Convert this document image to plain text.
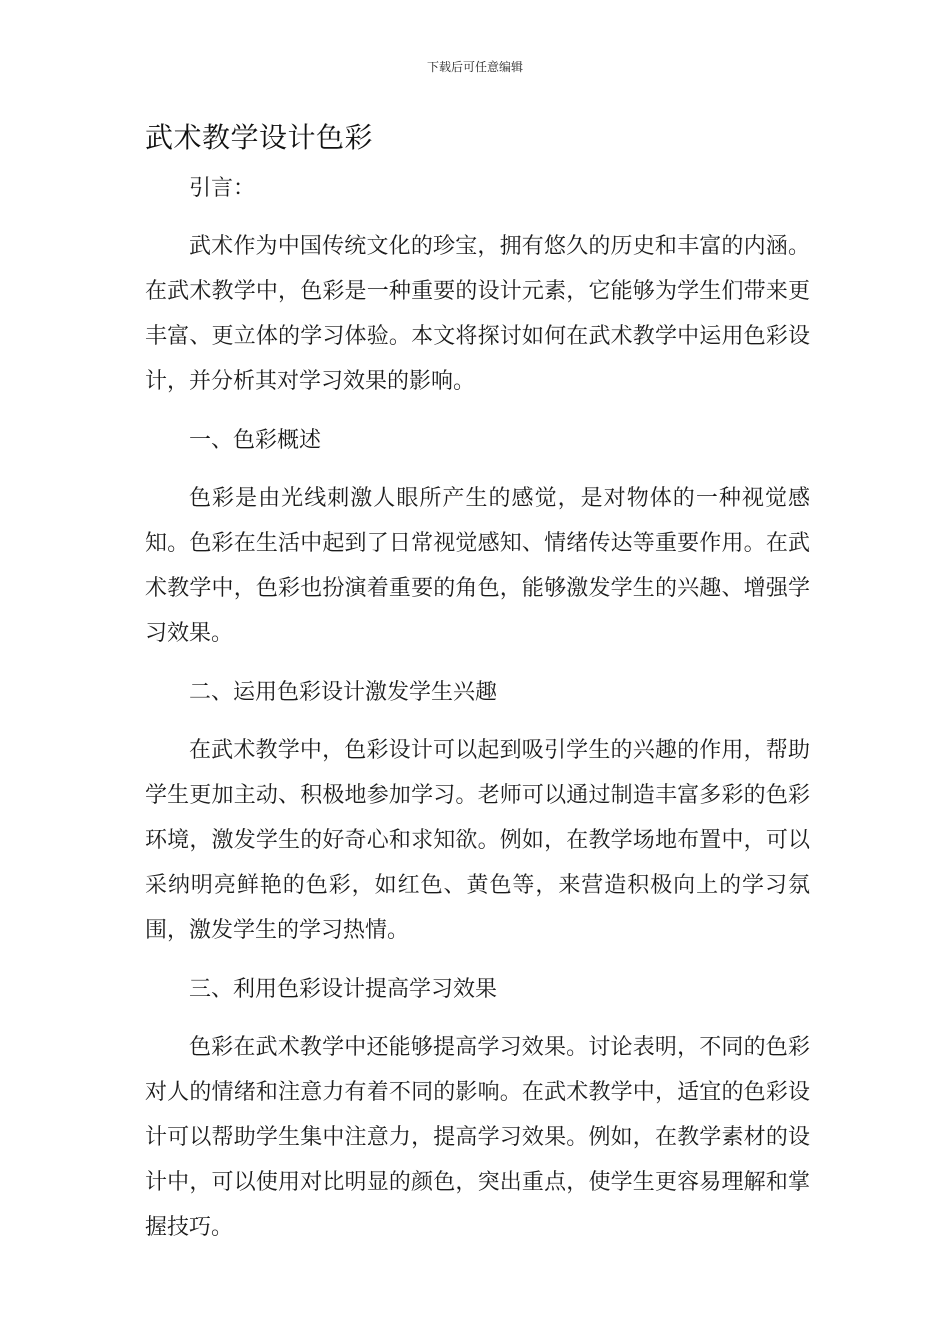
下载后可任意编辑
武术教学设计色彩

引言：

武术作为中国传统文化的珍宝，拥有悠久的历史和丰富的内涵。在武术教学中，色彩是一种重要的设计元素，它能够为学生们带来更丰富、更立体的学习体验。本文将探讨如何在武术教学中运用色彩设计，并分析其对学习效果的影响。

一、色彩概述

色彩是由光线刺激人眼所产生的感觉，是对物体的一种视觉感知。色彩在生活中起到了日常视觉感知、情绪传达等重要作用。在武术教学中，色彩也扮演着重要的角色，能够激发学生的兴趣、增强学习效果。

二、运用色彩设计激发学生兴趣

在武术教学中，色彩设计可以起到吸引学生的兴趣的作用，帮助学生更加主动、积极地参加学习。老师可以通过制造丰富多彩的色彩环境，激发学生的好奇心和求知欲。例如，在教学场地布置中，可以采纳明亮鲜艳的色彩，如红色、黄色等，来营造积极向上的学习氛围，激发学生的学习热情。

三、利用色彩设计提高学习效果

色彩在武术教学中还能够提高学习效果。讨论表明，不同的色彩对人的情绪和注意力有着不同的影响。在武术教学中，适宜的色彩设计可以帮助学生集中注意力，提高学习效果。例如，在教学素材的设计中，可以使用对比明显的颜色，突出重点，使学生更容易理解和掌握技巧。
